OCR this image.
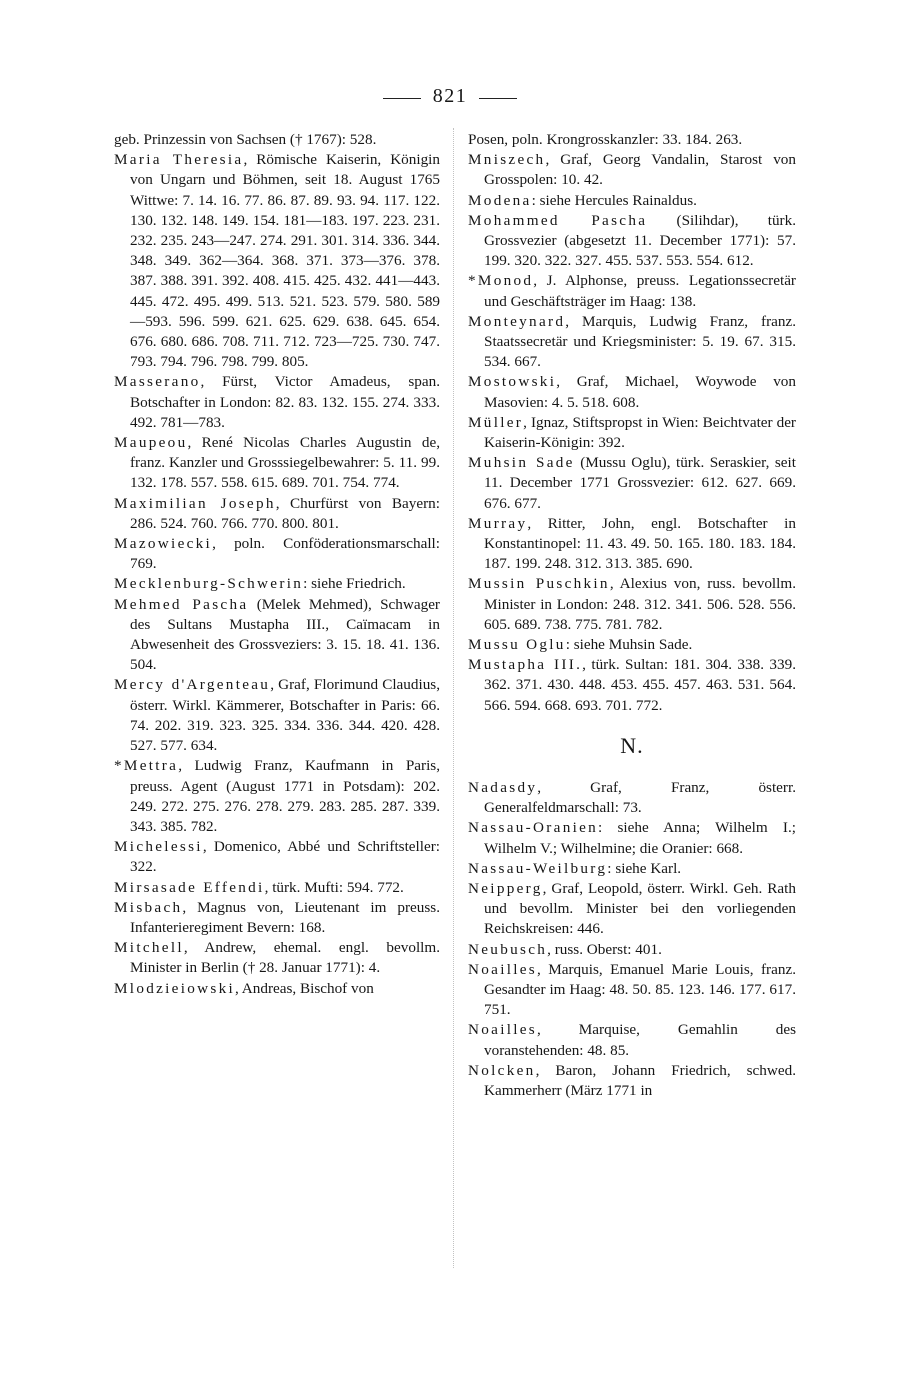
821
geb. Prinzessin von Sachsen († 1767): 528.
Maria Theresia, Römische Kaiserin, Königin von Ungarn und Böhmen, seit 18. August 1765 Wittwe: 7. 14. 16. 77. 86. 87. 89. 93. 94. 117. 122. 130. 132. 148. 149. 154. 181—183. 197. 223. 231. 232. 235. 243—247. 274. 291. 301. 314. 336. 344. 348. 349. 362—364. 368. 371. 373—376. 378. 387. 388. 391. 392. 408. 415. 425. 432. 441—443. 445. 472. 495. 499. 513. 521. 523. 579. 580. 589—593. 596. 599. 621. 625. 629. 638. 645. 654. 676. 680. 686. 708. 711. 712. 723—725. 730. 747. 793. 794. 796. 798. 799. 805.
Masserano, Fürst, Victor Amadeus, span. Botschafter in London: 82. 83. 132. 155. 274. 333. 492. 781—783.
Maupeou, René Nicolas Charles Augustin de, franz. Kanzler und Grosssiegelbewahrer: 5. 11. 99. 132. 178. 557. 558. 615. 689. 701. 754. 774.
Maximilian Joseph, Churfürst von Bayern: 286. 524. 760. 766. 770. 800. 801.
Mazowiecki, poln. Conföderationsmarschall: 769.
Mecklenburg-Schwerin: siehe Friedrich.
Mehmed Pascha (Melek Mehmed), Schwager des Sultans Mustapha III., Caïmacam in Abwesenheit des Grossveziers: 3. 15. 18. 41. 136. 504.
Mercy d'Argenteau, Graf, Florimund Claudius, österr. Wirkl. Kämmerer, Botschafter in Paris: 66. 74. 202. 319. 323. 325. 334. 336. 344. 420. 428. 527. 577. 634.
*Mettra, Ludwig Franz, Kaufmann in Paris, preuss. Agent (August 1771 in Potsdam): 202. 249. 272. 275. 276. 278. 279. 283. 285. 287. 339. 343. 385. 782.
Michelessi, Domenico, Abbé und Schriftsteller: 322.
Mirsasade Effendi, türk. Mufti: 594. 772.
Misbach, Magnus von, Lieutenant im preuss. Infanterieregiment Bevern: 168.
Mitchell, Andrew, ehemal. engl. bevollm. Minister in Berlin († 28. Januar 1771): 4.
Mlodzieiowski, Andreas, Bischof von
Posen, poln. Krongrosskanzler: 33. 184. 263.
Mniszech, Graf, Georg Vandalin, Starost von Grosspolen: 10. 42.
Modena: siehe Hercules Rainaldus.
Mohammed Pascha (Silihdar), türk. Grossvezier (abgesetzt 11. December 1771): 57. 199. 320. 322. 327. 455. 537. 553. 554. 612.
*Monod, J. Alphonse, preuss. Legationssecretär und Geschäftsträger im Haag: 138.
Monteynard, Marquis, Ludwig Franz, franz. Staatssecretär und Kriegsminister: 5. 19. 67. 315. 534. 667.
Mostowski, Graf, Michael, Woywode von Masovien: 4. 5. 518. 608.
Müller, Ignaz, Stiftspropst in Wien: Beichtvater der Kaiserin-Königin: 392.
Muhsin Sade (Mussu Oglu), türk. Seraskier, seit 11. December 1771 Grossvezier: 612. 627. 669. 676. 677.
Murray, Ritter, John, engl. Botschafter in Konstantinopel: 11. 43. 49. 50. 165. 180. 183. 184. 187. 199. 248. 312. 313. 385. 690.
Mussin Puschkin, Alexius von, russ. bevollm. Minister in London: 248. 312. 341. 506. 528. 556. 605. 689. 738. 775. 781. 782.
Mussu Oglu: siehe Muhsin Sade.
Mustapha III., türk. Sultan: 181. 304. 338. 339. 362. 371. 430. 448. 453. 455. 457. 463. 531. 564. 566. 594. 668. 693. 701. 772.
N.
Nadasdy, Graf, Franz, österr. Generalfeldmarschall: 73.
Nassau-Oranien: siehe Anna; Wilhelm I.; Wilhelm V.; Wilhelmine; die Oranier: 668.
Nassau-Weilburg: siehe Karl.
Neipperg, Graf, Leopold, österr. Wirkl. Geh. Rath und bevollm. Minister bei den vorliegenden Reichskreisen: 446.
Neubusch, russ. Oberst: 401.
Noailles, Marquis, Emanuel Marie Louis, franz. Gesandter im Haag: 48. 50. 85. 123. 146. 177. 617. 751.
Noailles, Marquise, Gemahlin des voranstehenden: 48. 85.
Nolcken, Baron, Johann Friedrich, schwed. Kammerherr (März 1771 in
